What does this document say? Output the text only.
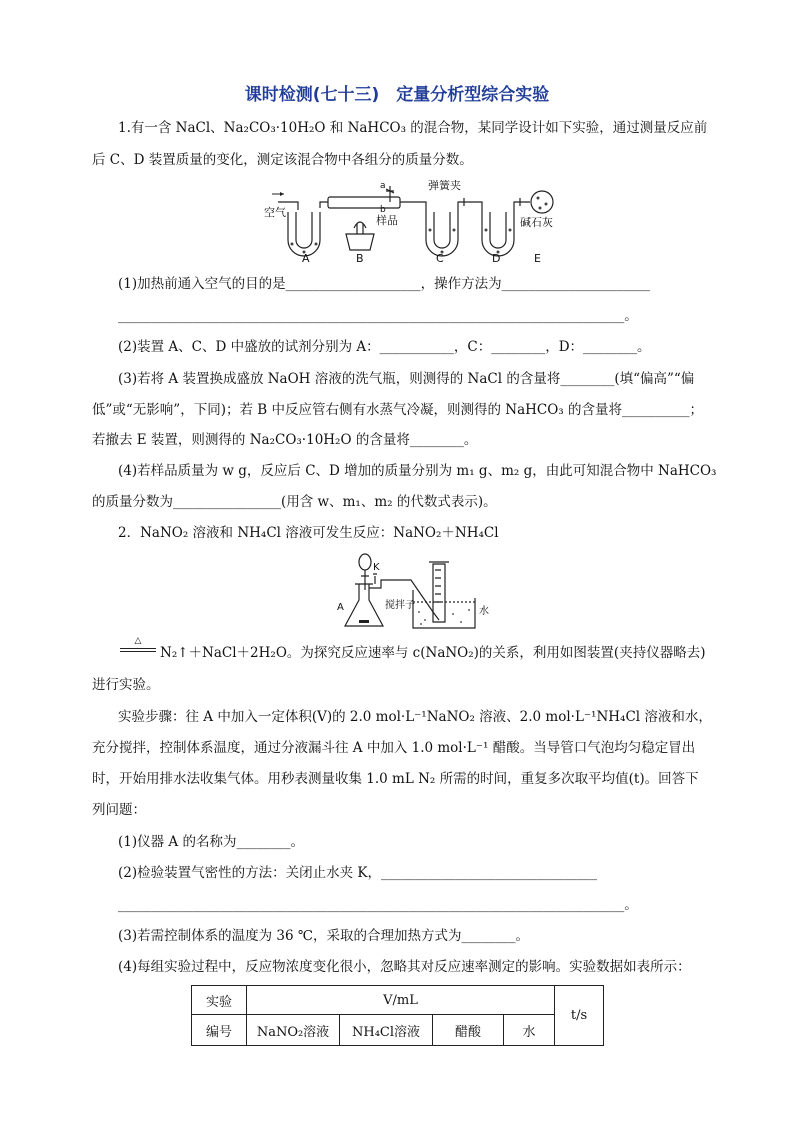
课时检测(七十三)　定量分析型综合实验
1.有一含 NaCl、Na₂CO₃·10H₂O 和 NaHCO₃ 的混合物，某同学设计如下实验，通过测量反应前
后 C、D 装置质量的变化，测定该混合物中各组分的质量分数。
空气
样品
a
b
弹簧夹
碱石灰
A	B	C	D	E
(1)加热前通入空气的目的是____________________，操作方法为______________________
___________________________________________________________________________。
(2)装置 A、C、D 中盛放的试剂分别为 A：___________，C：________，D：________。
(3)若将 A 装置换成盛放 NaOH 溶液的洗气瓶，则测得的 NaCl 的含量将________(填“偏高”“偏
低”或“无影响”，下同)；若 B 中反应管右侧有水蒸气冷凝，则测得的 NaHCO₃ 的含量将__________；
若撤去 E 装置，则测得的 Na₂CO₃·10H₂O 的含量将________。
(4)若样品质量为 w g，反应后 C、D 增加的质量分别为 m₁ g、m₂ g，由此可知混合物中 NaHCO₃
的质量分数为________________(用含 w、m₁、m₂ 的代数式表示)。
2．NaNO₂ 溶液和 NH₄Cl 溶液可发生反应：NaNO₂＋NH₄Cl
A
K
搅拌子
水
△
N₂↑＋NaCl＋2H₂O。为探究反应速率与 c(NaNO₂)的关系，利用如图装置(夹持仪器略去)
进行实验。
实验步骤：往 A 中加入一定体积(V)的 2.0 mol·L⁻¹NaNO₂ 溶液、2.0 mol·L⁻¹NH₄Cl 溶液和水，
充分搅拌，控制体系温度，通过分液漏斗往 A 中加入 1.0 mol·L⁻¹ 醋酸。当导管口气泡均匀稳定冒出
时，开始用排水法收集气体。用秒表测量收集 1.0 mL N₂ 所需的时间，重复多次取平均值(t)。回答下
列问题：
(1)仪器 A 的名称为________。
(2)检验装置气密性的方法：关闭止水夹 K，________________________________
___________________________________________________________________________。
(3)若需控制体系的温度为 36 ℃，采取的合理加热方式为________。
(4)每组实验过程中，反应物浓度变化很小，忽略其对反应速率测定的影响。实验数据如表所示：
实验	V/mL				t/s
编号	NaNO₂溶液	NH₄Cl溶液	醋酸	水	
